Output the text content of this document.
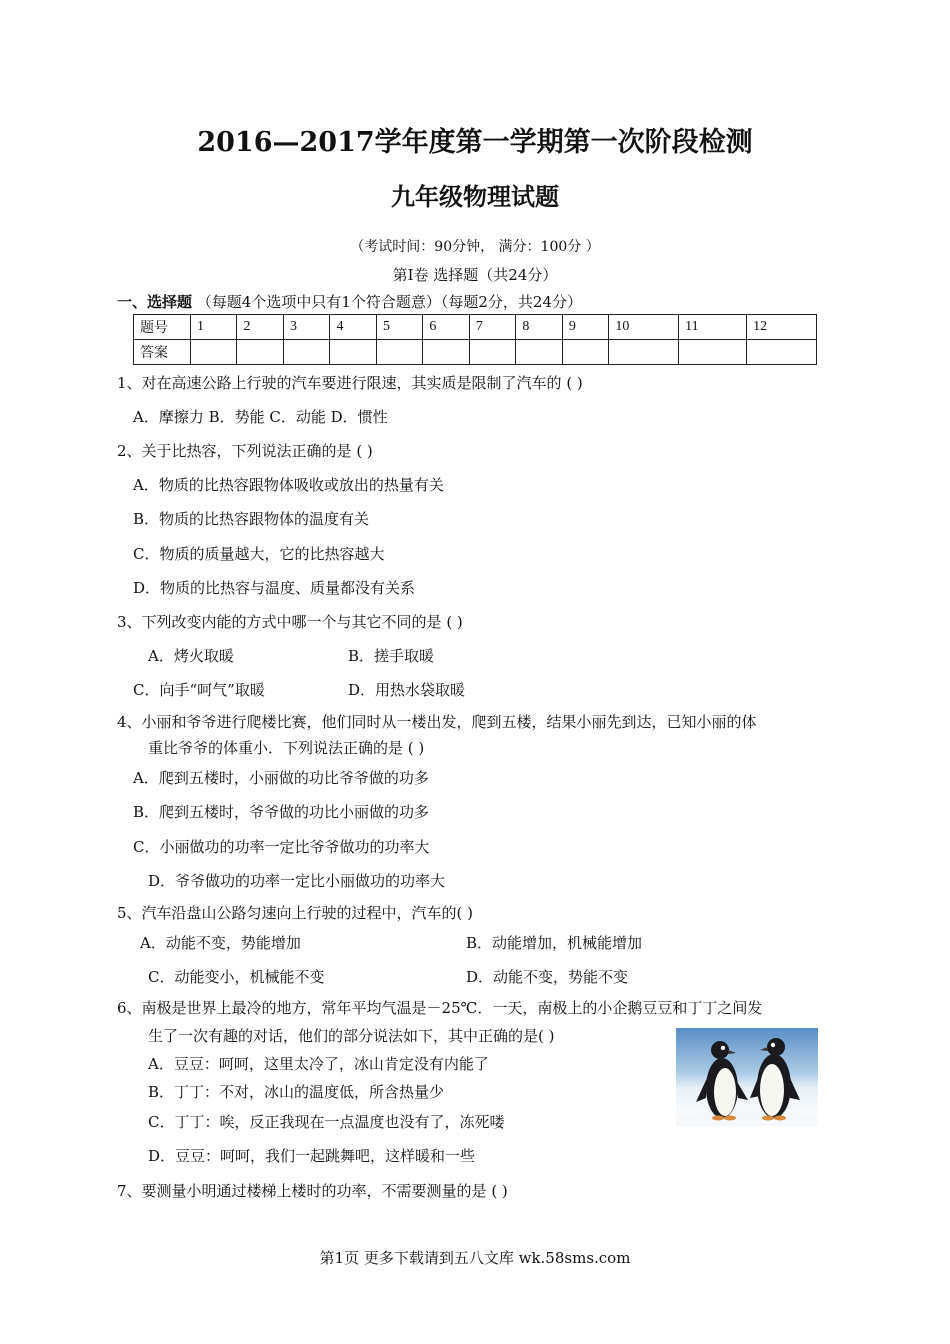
2016—2017学年度第一学期第一次阶段检测
九年级物理试题
（考试时间：90分钟， 满分：100分 ）
第Ⅰ卷 选择题（共24分）
一、选择题 （每题4个选项中只有1个符合题意）（每题2分，共24分）
题号	1	2	3	4	5	6	7	8	9	10	11	12
答案												
1、对在高速公路上行驶的汽车要进行限速，其实质是限制了汽车的 ( )
A．摩擦力 B．势能 C．动能 D．惯性
2、关于比热容，下列说法正确的是 ( )
A．物质的比热容跟物体吸收或放出的热量有关
B．物质的比热容跟物体的温度有关
C．物质的质量越大，它的比热容越大
D．物质的比热容与温度、质量都没有关系
3、下列改变内能的方式中哪一个与其它不同的是 ( )
A．烤火取暖	B．搓手取暖
C．向手“呵气”取暖	D．用热水袋取暖
4、小丽和爷爷进行爬楼比赛，他们同时从一楼出发，爬到五楼，结果小丽先到达，已知小丽的体
重比爷爷的体重小．下列说法正确的是 ( )
A．爬到五楼时，小丽做的功比爷爷做的功多
B．爬到五楼时，爷爷做的功比小丽做的功多
C．小丽做功的功率一定比爷爷做功的功率大
D．爷爷做功的功率一定比小丽做功的功率大
5、汽车沿盘山公路匀速向上行驶的过程中，汽车的( )
A．动能不变，势能增加	B．动能增加，机械能增加
C．动能变小，机械能不变	D．动能不变，势能不变
6、南极是世界上最冷的地方，常年平均气温是－25℃．一天，南极上的小企鹅豆豆和丁丁之间发
生了一次有趣的对话，他们的部分说法如下，其中正确的是( )
A．豆豆：呵呵，这里太冷了，冰山肯定没有内能了
B．丁丁：不对，冰山的温度低，所含热量少
C．丁丁：唉，反正我现在一点温度也没有了，冻死喽
D．豆豆：呵呵，我们一起跳舞吧，这样暖和一些
7、要测量小明通过楼梯上楼时的功率，不需要测量的是 ( )
第1页 更多下载请到五八文库 wk.58sms.com
